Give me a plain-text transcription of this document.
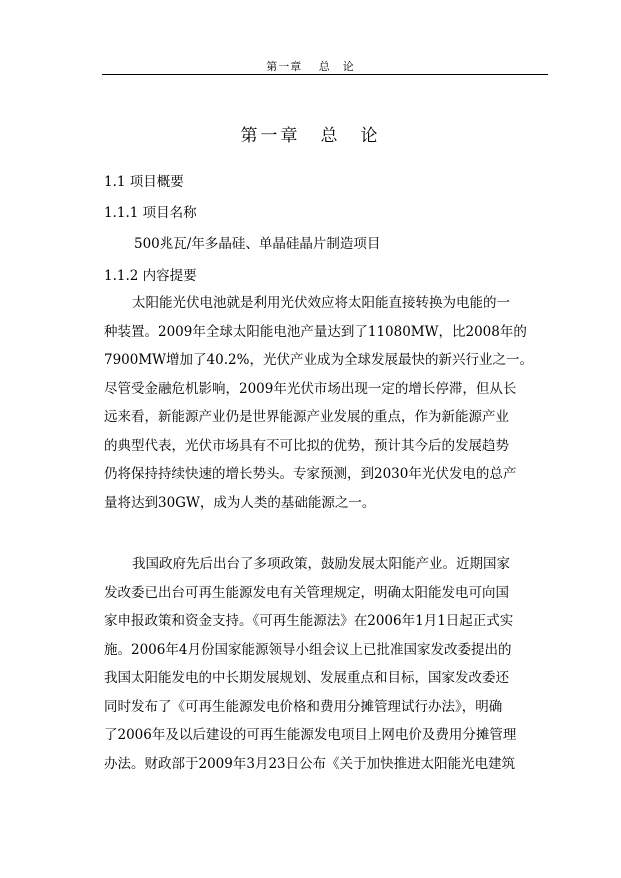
第一章　 总　论
第一章　总　论
1.1 项目概要
1.1.1 项目名称
500兆瓦/年多晶硅、单晶硅晶片制造项目
1.1.2 内容提要
太阳能光伏电池就是利用光伏效应将太阳能直接转换为电能的一
种装置。2009年全球太阳能电池产量达到了11080MW，比2008年的
7900MW增加了40.2%，光伏产业成为全球发展最快的新兴行业之一。
尽管受金融危机影响，2009年光伏市场出现一定的增长停滞，但从长
远来看，新能源产业仍是世界能源产业发展的重点，作为新能源产业
的典型代表，光伏市场具有不可比拟的优势，预计其今后的发展趋势
仍将保持持续快速的增长势头。专家预测，到2030年光伏发电的总产
量将达到30GW，成为人类的基础能源之一。
我国政府先后出台了多项政策，鼓励发展太阳能产业。近期国家
发改委已出台可再生能源发电有关管理规定，明确太阳能发电可向国
家申报政策和资金支持。《可再生能源法》在2006年1月1日起正式实
施。2006年4月份国家能源领导小组会议上已批准国家发改委提出的
我国太阳能发电的中长期发展规划、发展重点和目标，国家发改委还
同时发布了《可再生能源发电价格和费用分摊管理试行办法》，明确
了2006年及以后建设的可再生能源发电项目上网电价及费用分摊管理
办法。财政部于2009年3月23日公布《关于加快推进太阳能光电建筑
